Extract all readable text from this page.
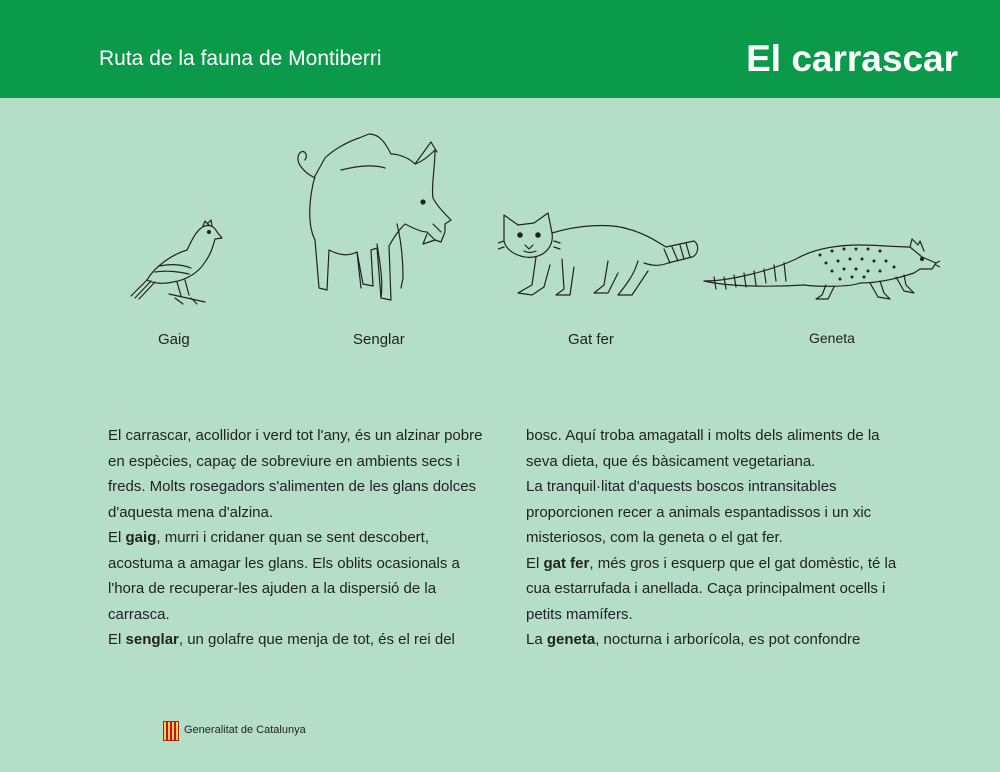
Ruta de la fauna de Montiberri	El carrascar
Gaig	Senglar	Gat fer	Geneta

El carrascar, acollidor i verd tot l'any, és un alzinar pobre en espècies, capaç de sobreviure en ambients secs i freds. Molts rosegadors s'alimenten de les glans dolces d'aquesta mena d'alzina.

El gaig, murri i cridaner quan se sent descobert, acostuma a amagar les glans. Els oblits ocasionals a l'hora de recuperar-les ajuden a la dispersió de la carrasca.

El senglar, un golafre que menja de tot, és el rei del

bosc. Aquí troba amagatall i molts dels aliments de la seva dieta, que és bàsicament vegetariana.

La tranquil·litat d'aquests boscos intransitables proporcionen recer a animals espantadissos i un xic misteriosos, com la geneta o el gat fer.

El gat fer, més gros i esquerp que el gat domèstic, té la cua estarrufada i anellada. Caça principalment ocells i petits mamífers.

La geneta, nocturna i arborícola, es pot confondre

Generalitat de Catalunya
